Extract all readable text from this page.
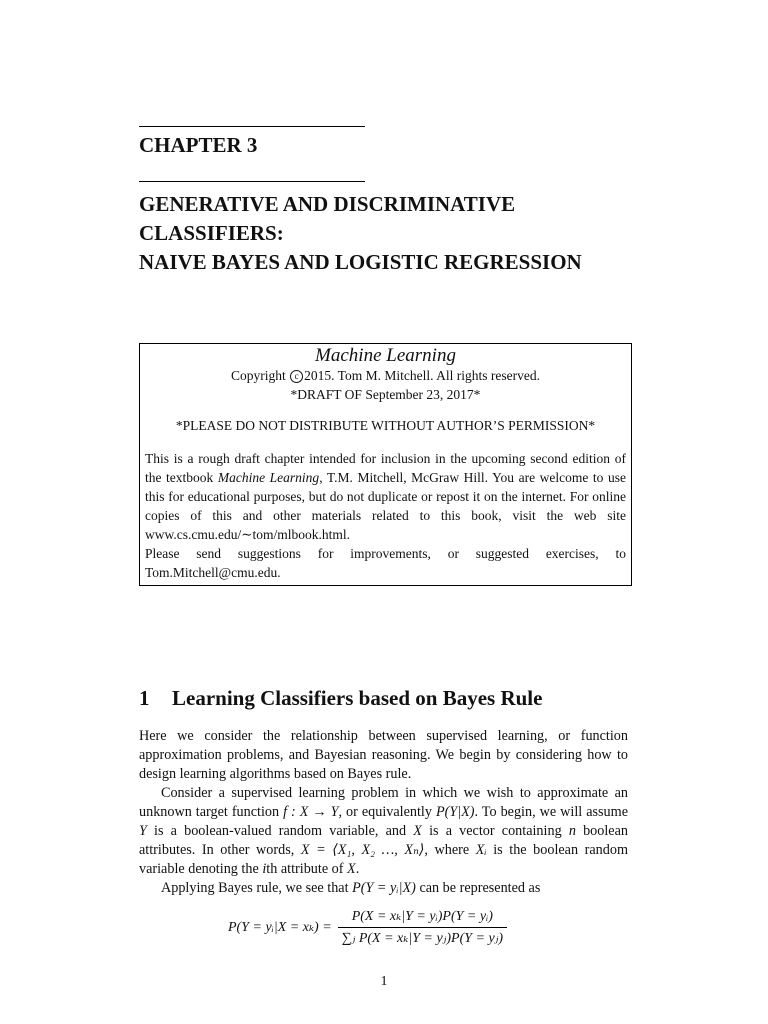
CHAPTER 3
GENERATIVE AND DISCRIMINATIVE
CLASSIFIERS:
NAIVE BAYES AND LOGISTIC REGRESSION
Machine Learning
Copyright c 2015. Tom M. Mitchell. All rights reserved.
*DRAFT OF September 23, 2017*
*PLEASE DO NOT DISTRIBUTE WITHOUT AUTHOR’S PERMISSION*

This is a rough draft chapter intended for inclusion in the upcoming second edition of the textbook Machine Learning, T.M. Mitchell, McGraw Hill. You are welcome to use this for educational purposes, but do not duplicate or repost it on the internet. For online copies of this and other materials related to this book, visit the web site www.cs.cmu.edu/∼tom/mlbook.html.

Please send suggestions for improvements, or suggested exercises, to Tom.Mitchell@cmu.edu.

1 Learning Classifiers based on Bayes Rule

Here we consider the relationship between supervised learning, or function approximation problems, and Bayesian reasoning. We begin by considering how to design learning algorithms based on Bayes rule.

Consider a supervised learning problem in which we wish to approximate an unknown target function f : X → Y, or equivalently P(Y|X). To begin, we will assume Y is a boolean-valued random variable, and X is a vector containing n boolean attributes. In other words, X = ⟨X₁, X₂ …, Xₙ⟩, where Xᵢ is the boolean random variable denoting the ith attribute of X.

Applying Bayes rule, we see that P(Y = yᵢ|X) can be represented as

P(Y = yᵢ|X = $x_k) = \frac{\text{P(X = xₖ|Y = yᵢ)P(Y = yᵢ)}}{\text{∑ⱼ P(X = xₖ|Y = yⱼ)P(Y = yⱼ)}}$
1
